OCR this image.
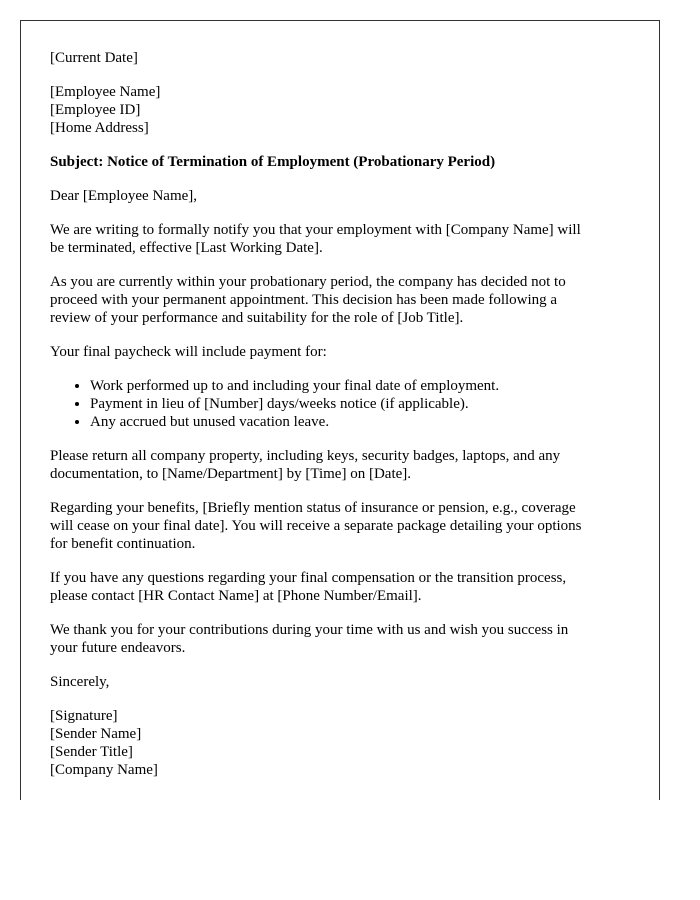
[Current Date]
[Employee Name]
[Employee ID]
[Home Address]
Subject: Notice of Termination of Employment (Probationary Period)
Dear [Employee Name],
We are writing to formally notify you that your employment with [Company Name] will
be terminated, effective [Last Working Date].
As you are currently within your probationary period, the company has decided not to
proceed with your permanent appointment. This decision has been made following a
review of your performance and suitability for the role of [Job Title].
Your final paycheck will include payment for:
• Work performed up to and including your final date of employment.
• Payment in lieu of [Number] days/weeks notice (if applicable).
• Any accrued but unused vacation leave.
Please return all company property, including keys, security badges, laptops, and any
documentation, to [Name/Department] by [Time] on [Date].
Regarding your benefits, [Briefly mention status of insurance or pension, e.g., coverage
will cease on your final date]. You will receive a separate package detailing your options
for benefit continuation.
If you have any questions regarding your final compensation or the transition process,
please contact [HR Contact Name] at [Phone Number/Email].
We thank you for your contributions during your time with us and wish you success in
your future endeavors.
Sincerely,
[Signature]
[Sender Name]
[Sender Title]
[Company Name]
